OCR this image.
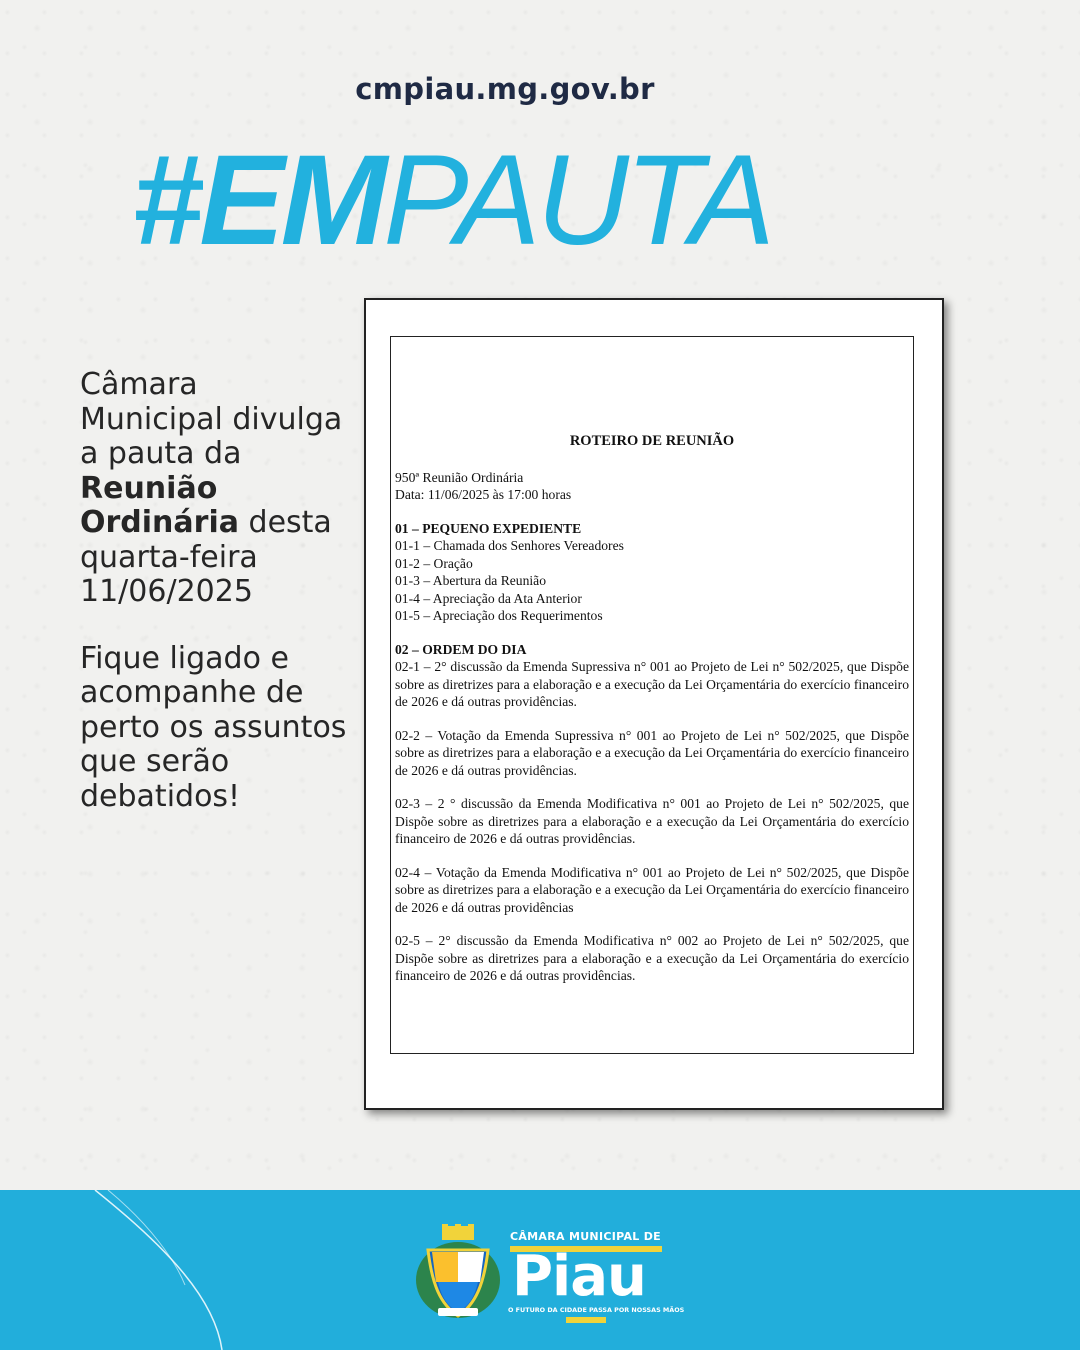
cmpiau.mg.gov.br
#EMPAUTA

Câmara Municipal divulga a pauta da Reunião Ordinária desta quarta-feira 11/06/2025

Fique ligado e acompanhe de perto os assuntos que serão debatidos!

ROTEIRO DE REUNIÃO
950ª Reunião Ordinária
Data: 11/06/2025 às 17:00 horas
01 – PEQUENO EXPEDIENTE
01-1 – Chamada dos Senhores Vereadores
01-2 – Oração
01-3 – Abertura da Reunião
01-4 – Apreciação da Ata Anterior
01-5 – Apreciação dos Requerimentos
02 – ORDEM DO DIA
02-1 – 2° discussão da Emenda Supressiva n° 001 ao Projeto de Lei n° 502/2025, que Dispõe sobre as diretrizes para a elaboração e a execução da Lei Orçamentária do exercício financeiro de 2026 e dá outras providências.
02-2 – Votação da Emenda Supressiva n° 001 ao Projeto de Lei n° 502/2025, que Dispõe sobre as diretrizes para a elaboração e a execução da Lei Orçamentária do exercício financeiro de 2026 e dá outras providências.
02-3 – 2 ° discussão da Emenda Modificativa n° 001 ao Projeto de Lei n° 502/2025, que Dispõe sobre as diretrizes para a elaboração e a execução da Lei Orçamentária do exercício financeiro de 2026 e dá outras providências.
02-4 – Votação da Emenda Modificativa n° 001 ao Projeto de Lei n° 502/2025, que Dispõe sobre as diretrizes para a elaboração e a execução da Lei Orçamentária do exercício financeiro de 2026 e dá outras providências
02-5 – 2° discussão da Emenda Modificativa n° 002 ao Projeto de Lei n° 502/2025, que Dispõe sobre as diretrizes para a elaboração e a execução da Lei Orçamentária do exercício financeiro de 2026 e dá outras providências.
CÂMARA MUNICIPAL DE
Piau
O FUTURO DA CIDADE PASSA POR NOSSAS MÃOS
